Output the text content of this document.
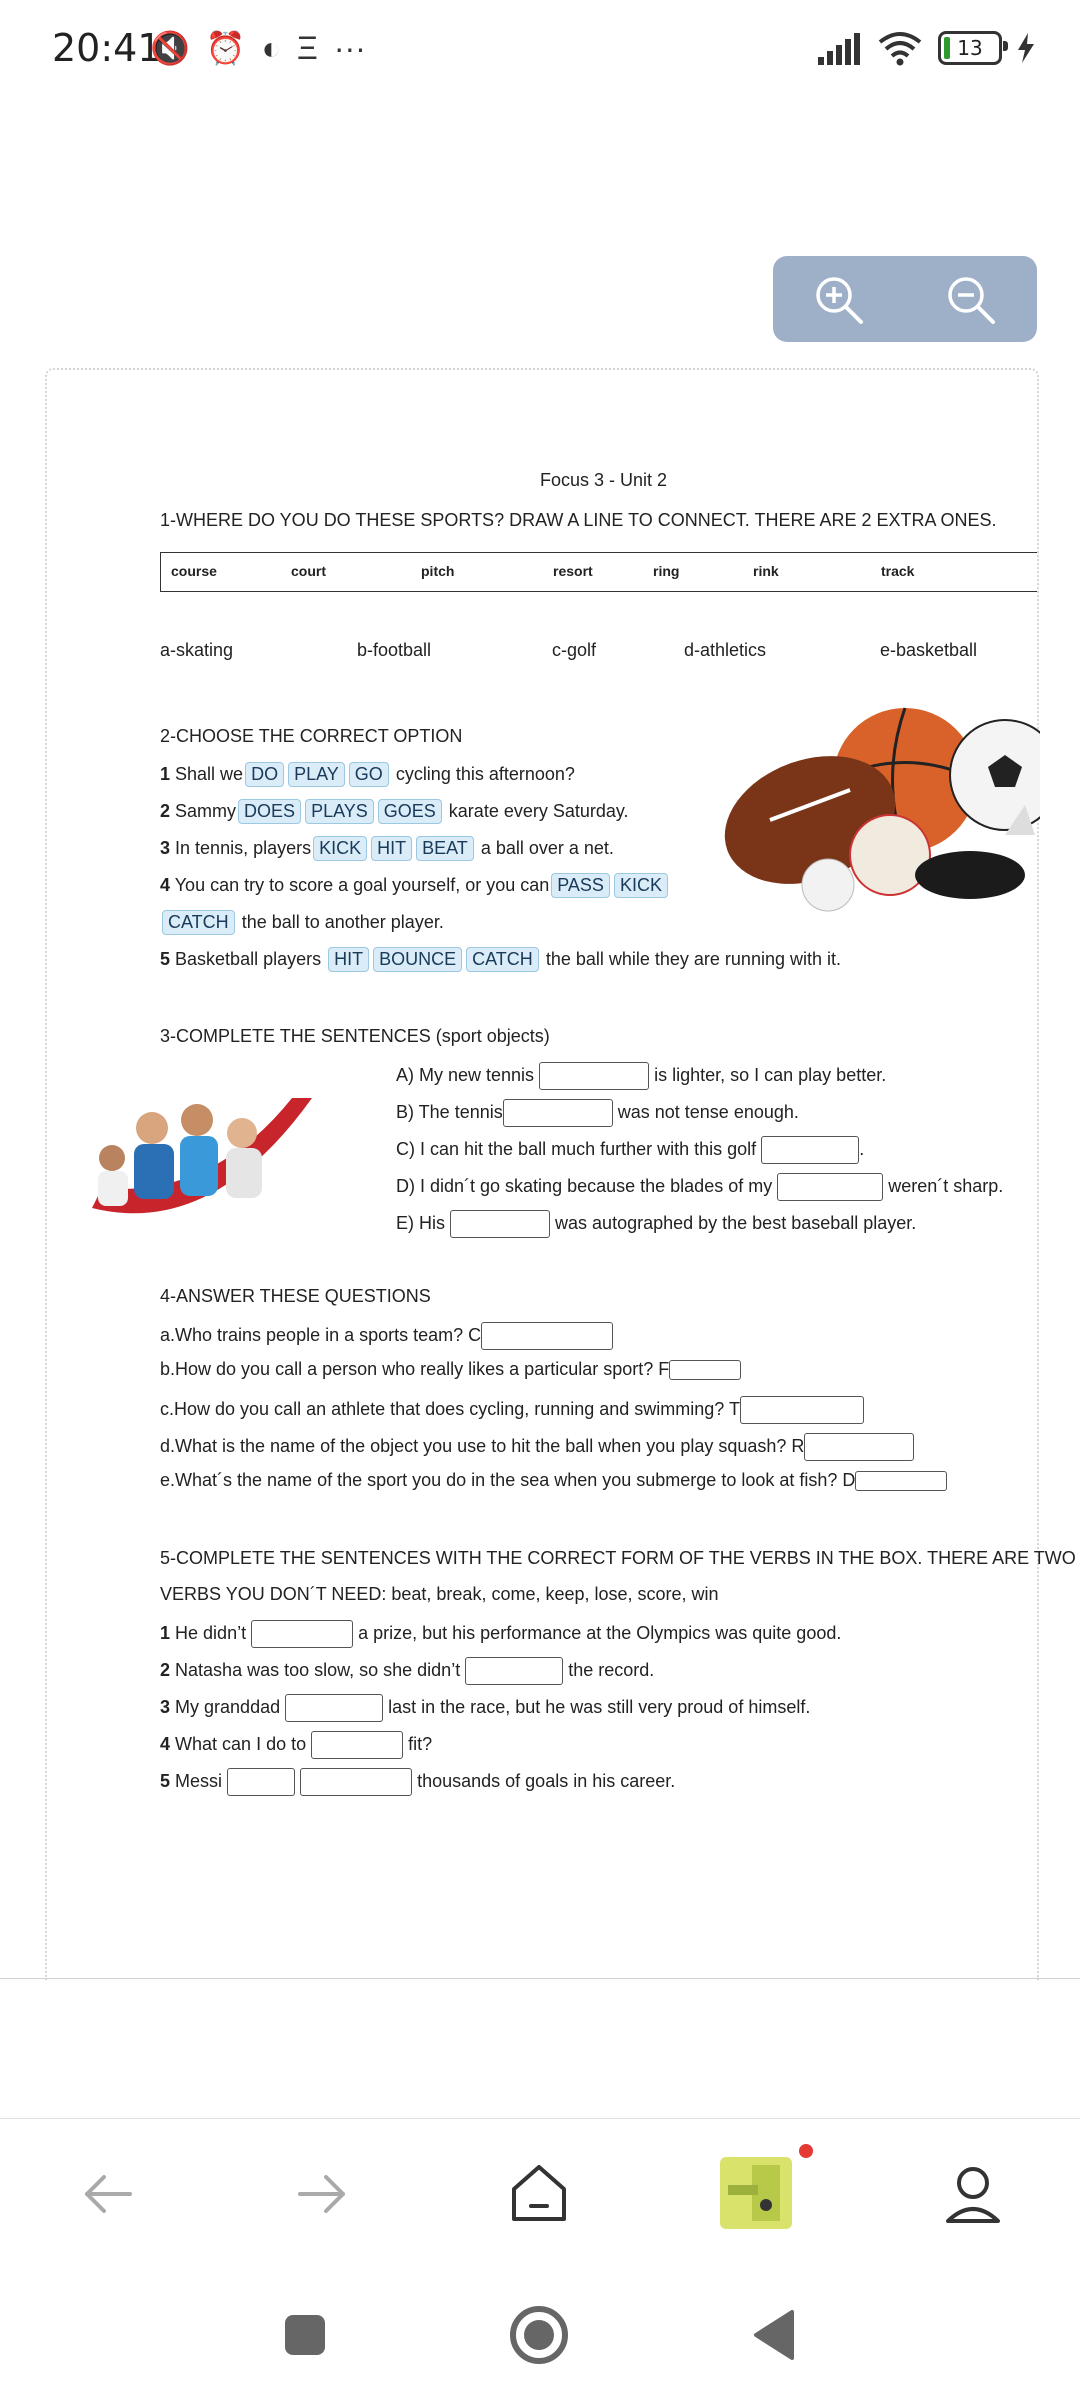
20:41
🔇 ⏰ ◐ Ξ ···	13
Focus 3 - Unit 2
1-WHERE DO YOU DO THESE SPORTS? DRAW A LINE TO CONNECT. THERE ARE 2 EXTRA ONES.
course	court	pitch	resort	ring	rink	track
a-skating	b-football	c-golf	d-athletics	e-basketball
2-CHOOSE THE CORRECT OPTION
1 Shall we DO PLAY GO cycling this afternoon?
2 Sammy DOES PLAYS GOES karate every Saturday.
3 In tennis, players KICK HIT BEAT a ball over a net.
4 You can try to score a goal yourself, or you can PASS KICK
CATCH the ball to another player.
5 Basketball players HIT BOUNCE CATCH the ball while they are running with it.
3-COMPLETE THE SENTENCES (sport objects)
A) My new tennis	is lighter, so I can play better.
B) The tennis	was not tense enough.
C) I can hit the ball much further with this golf	.
D) I didn´t go skating because the blades of my	weren´t sharp.
E) His	was autographed by the best baseball player.
4-ANSWER THESE QUESTIONS
a.Who trains people in a sports team? C
b.How do you call a person who really likes a particular sport? F
c.How do you call an athlete that does cycling, running and swimming? T
d.What is the name of the object you use to hit the ball when you play squash? R
e.What´s the name of the sport you do in the sea when you submerge to look at fish? D
5-COMPLETE THE SENTENCES WITH THE CORRECT FORM OF THE VERBS IN THE BOX. THERE ARE TWO
VERBS YOU DON´T NEED: beat, break, come, keep, lose, score, win
1 He didn’t	a prize, but his performance at the Olympics was quite good.
2 Natasha was too slow, so she didn’t	the record.
3 My granddad	last in the race, but he was still very proud of himself.
4 What can I do to	fit?
5 Messi	thousands of goals in his career.
